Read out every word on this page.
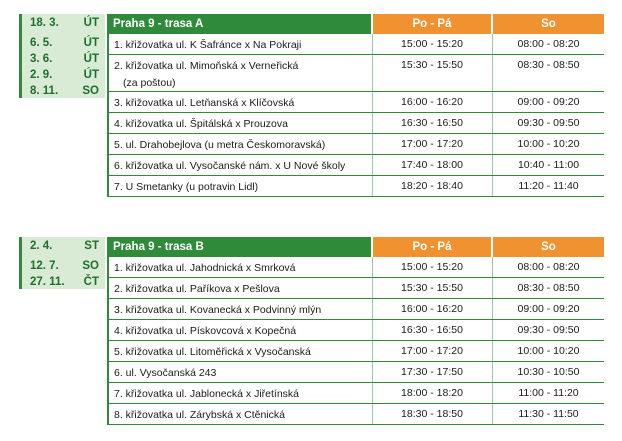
18. 3. ÚT
6. 5.	ÚT
3. 6.	ÚT
2. 9.	ÚT
8. 11. SO
Praha 9 - trasa A	Po - Pá	So
1. křižovatka ul. K Šafránce x Na Pokraji	15:00 - 15:20	08:00 - 08:20
2. křižovatka ul. Mimoňská x Verneřická
(za poštou)
15:30 - 15:50	08:30 - 08:50
3. křižovatka ul. Letňanská x Klíčovská	16:00 - 16:20	09:00 - 09:20
4. křižovatka ul. Špitálská x Prouzova	16:30 - 16:50	09:30 - 09:50
5. ul. Drahobejlova (u metra Českomoravská)	17:00 - 17:20	10:00 - 10:20
6. křižovatka ul. Vysočanské nám. x U Nové školy	17:40 - 18:00	10:40 - 11:00
7. U Smetanky (u potravin Lidl)	18:20 - 18:40	11:20 - 11:40
2. 4.	ST
12. 7. SO
27. 11. ČT
Praha 9 - trasa B	Po - Pá	So
1. křižovatka ul. Jahodnická x Smrková	15:00 - 15:20	08:00 - 08:20
2. křižovatka ul. Paříkova x Pešlova	15:30 - 15:50	08:30 - 08:50
3. křižovatka ul. Kovanecká x Podvinný mlýn	16:00 - 16:20	09:00 - 09:20
4. křižovatka ul. Pískovcová x Kopečná	16:30 - 16:50	09:30 - 09:50
5. křižovatka ul. Litoměřická x Vysočanská	17:00 - 17:20	10:00 - 10:20
6. ul. Vysočanská 243	17:30 - 17:50	10:30 - 10:50
7. křižovatka ul. Jablonecká x Jiřetínská	18:00 - 18:20	11:00 - 11:20
8. křižovatka ul. Zárybská x Ctěnická	18:30 - 18:50	11:30 - 11:50
